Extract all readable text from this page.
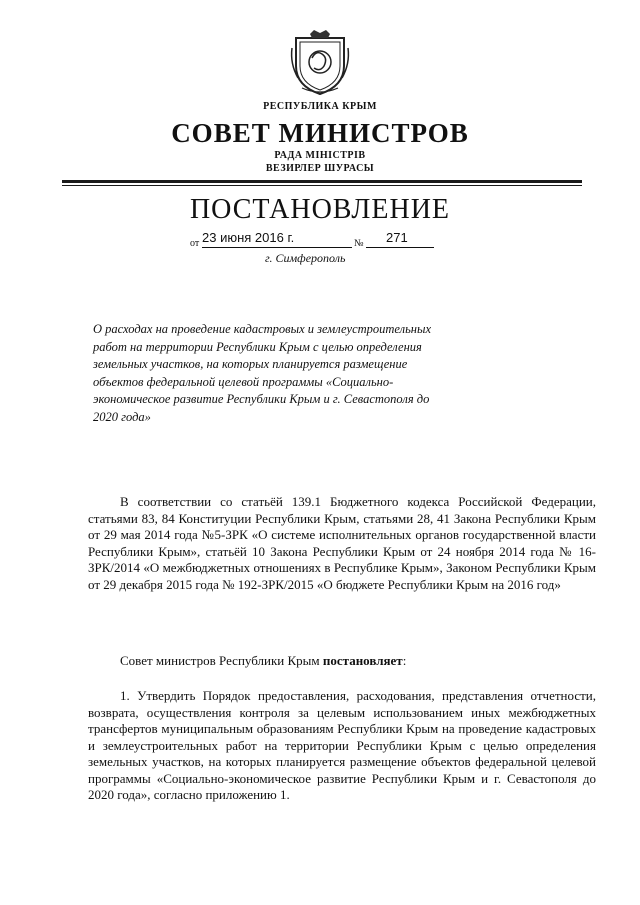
РЕСПУБЛИКА КРЫМ
СОВЕТ МИНИСТРОВ
РАДА МІНІСТРІВ
ВЕЗИРЛЕР ШУРАСЫ
ПОСТАНОВЛЕНИЕ
от 23 июня 2016 г.	№ 271
г. Симферополь
О расходах на проведение кадастровых и землеустроительных работ на территории Республики Крым с целью определения земельных участков, на которых планируется размещение объектов федеральной целевой программы «Социально-экономическое развитие Республики Крым и г. Севастополя до 2020 года»
В соответствии со статьёй 139.1 Бюджетного кодекса Российской Федерации, статьями 83, 84 Конституции Республики Крым, статьями 28, 41 Закона Республики Крым от 29 мая 2014 года №5-ЗРК «О системе исполнительных органов государственной власти Республики Крым», статьёй 10 Закона Республики Крым от 24 ноября 2014 года № 16-ЗРК/2014 «О межбюджетных отношениях в Республике Крым», Законом Республики Крым от 29 декабря 2015 года № 192-ЗРК/2015 «О бюджете Республики Крым на 2016 год»
Совет министров Республики Крым постановляет:
1. Утвердить Порядок предоставления, расходования, представления отчетности, возврата, осуществления контроля за целевым использованием иных межбюджетных трансфертов муниципальным образованиям Республики Крым на проведение кадастровых и землеустроительных работ на территории Республики Крым с целью определения земельных участков, на которых планируется размещение объектов федеральной целевой программы «Социально-экономическое развитие Республики Крым и г. Севастополя до 2020 года», согласно приложению 1.
